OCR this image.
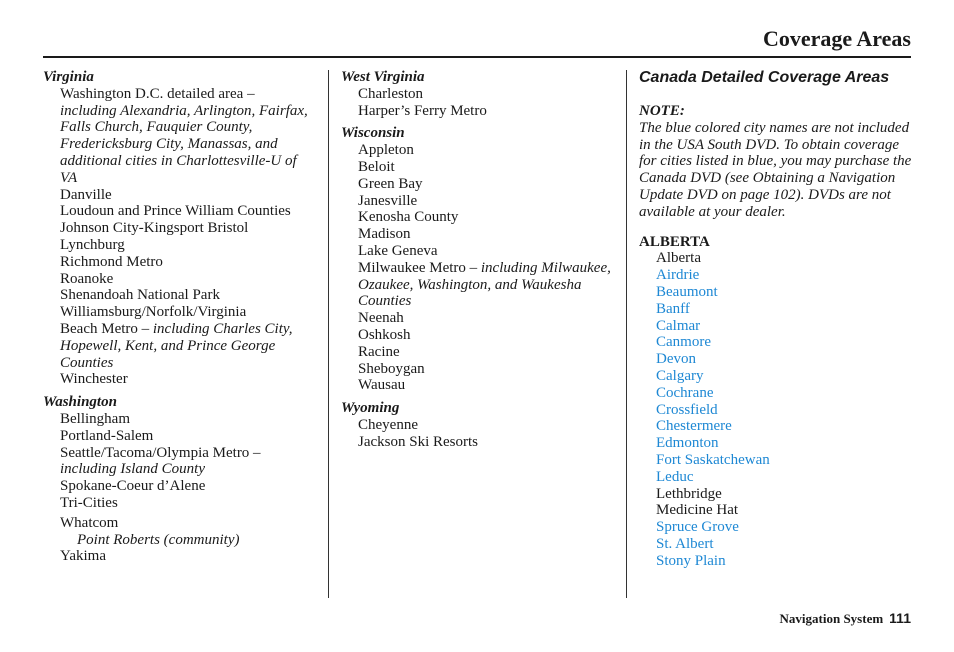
Coverage Areas
Virginia
Washington D.C. detailed area – including Alexandria, Arlington, Fairfax, Falls Church, Fauquier County, Fredericksburg City, Manassas, and additional cities in Charlottesville-U of VA
Danville
Loudoun and Prince William Counties
Johnson City-Kingsport Bristol
Lynchburg
Richmond Metro
Roanoke
Shenandoah National Park
Williamsburg/Norfolk/Virginia
Beach Metro – including Charles City, Hopewell, Kent, and Prince George Counties
Winchester
Washington
Bellingham
Portland-Salem
Seattle/Tacoma/Olympia Metro – including Island County
Spokane-Coeur d’Alene
Tri-Cities
Whatcom
Point Roberts (community)
Yakima
West Virginia
Charleston
Harper’s Ferry Metro
Wisconsin
Appleton
Beloit
Green Bay
Janesville
Kenosha County
Madison
Lake Geneva
Milwaukee Metro – including Milwaukee, Ozaukee, Washington, and Waukesha Counties
Neenah
Oshkosh
Racine
Sheboygan
Wausau
Wyoming
Cheyenne
Jackson Ski Resorts
Canada Detailed Coverage Areas
NOTE:
The blue colored city names are not included in the USA South DVD. To obtain coverage for cities listed in blue, you may purchase the Canada DVD (see Obtaining a Navigation Update DVD on page 102). DVDs are not available at your dealer.
ALBERTA
Alberta
Airdrie
Beaumont
Banff
Calmar
Canmore
Devon
Calgary
Cochrane
Crossfield
Chestermere
Edmonton
Fort Saskatchewan
Leduc
Lethbridge
Medicine Hat
Spruce Grove
St. Albert
Stony Plain
Navigation System 111
